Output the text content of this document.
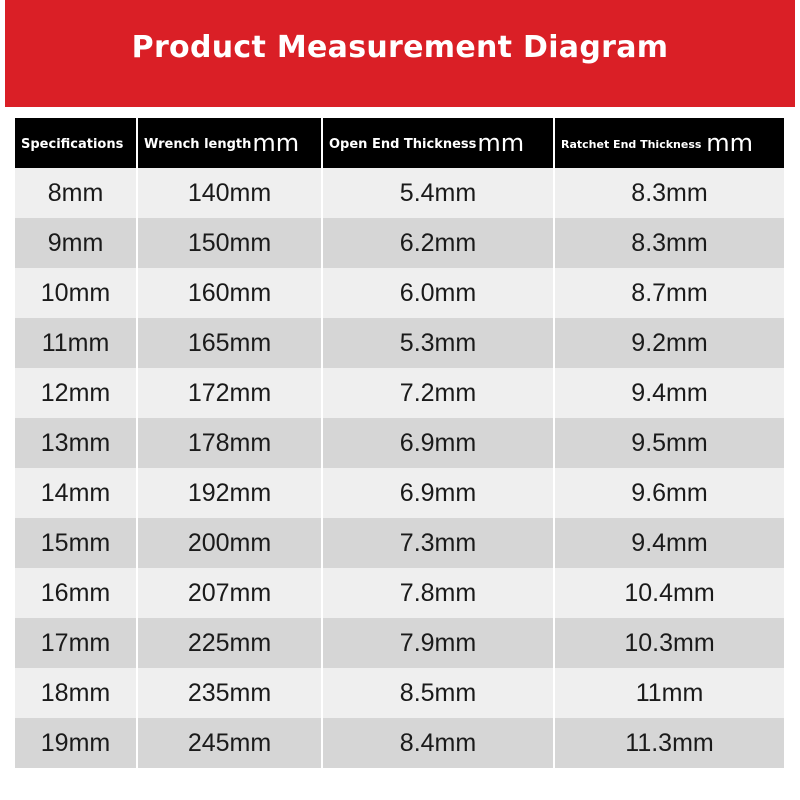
Product Measurement Diagram
Specifications	Wrench lengthmm	Open End Thicknessmm	Ratchet End Thickness mm
8mm	140mm	5.4mm	8.3mm
9mm	150mm	6.2mm	8.3mm
10mm	160mm	6.0mm	8.7mm
11mm	165mm	5.3mm	9.2mm
12mm	172mm	7.2mm	9.4mm
13mm	178mm	6.9mm	9.5mm
14mm	192mm	6.9mm	9.6mm
15mm	200mm	7.3mm	9.4mm
16mm	207mm	7.8mm	10.4mm
17mm	225mm	7.9mm	10.3mm
18mm	235mm	8.5mm	11mm
19mm	245mm	8.4mm	11.3mm
